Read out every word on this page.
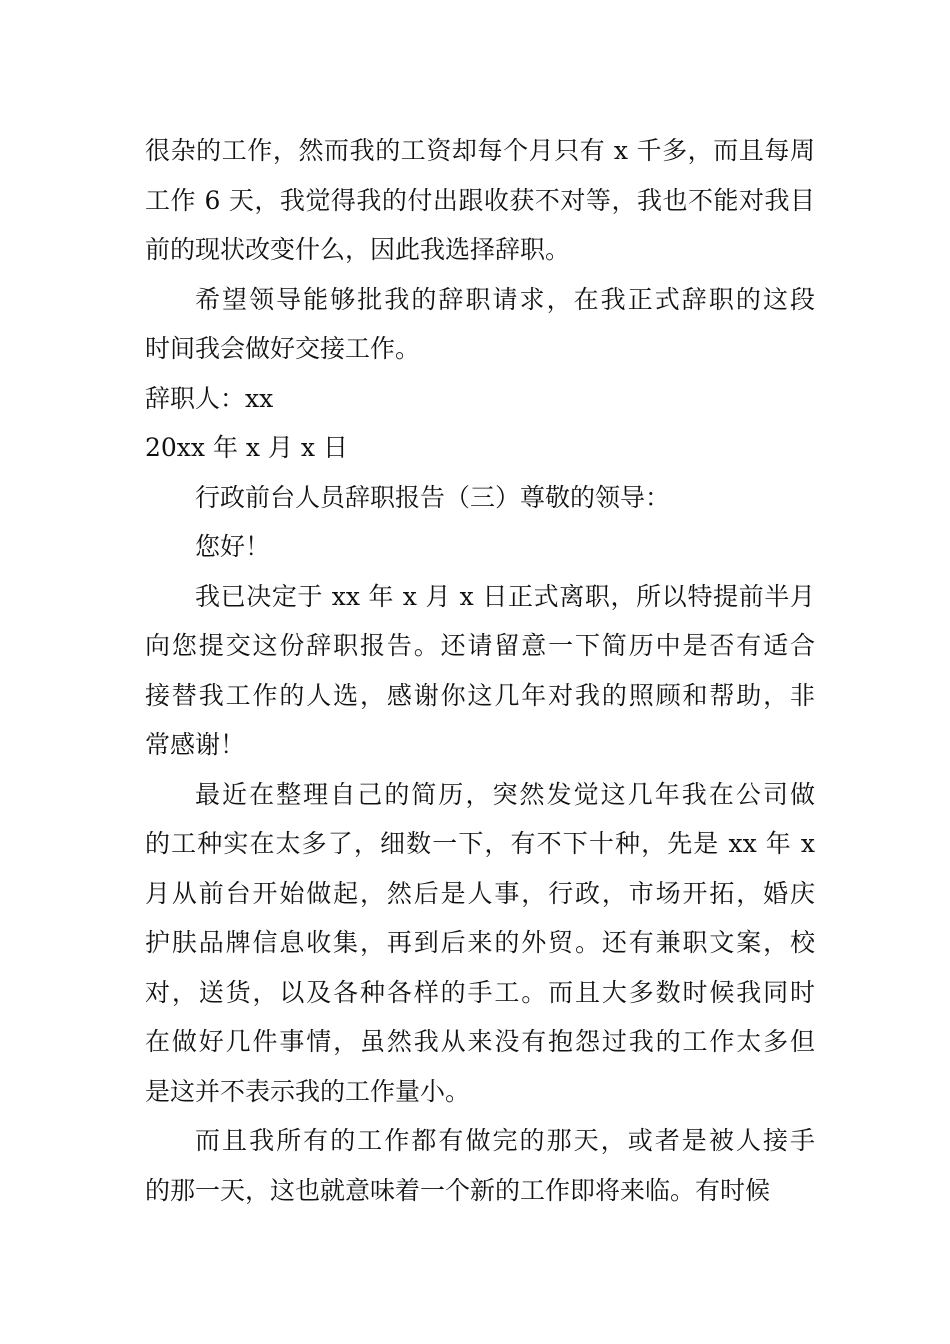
很杂的工作，然而我的工资却每个月只有 x 千多，而且每周
工作 6 天，我觉得我的付出跟收获不对等，我也不能对我目
前的现状改变什么，因此我选择辞职。
希望领导能够批我的辞职请求，在我正式辞职的这段
时间我会做好交接工作。
辞职人：xx
20xx 年 x 月 x 日
行政前台人员辞职报告（三）尊敬的领导：
您好！
我已决定于 xx 年 x 月 x 日正式离职，所以特提前半月
向您提交这份辞职报告。还请留意一下简历中是否有适合
接替我工作的人选，感谢你这几年对我的照顾和帮助，非
常感谢！
最近在整理自己的简历，突然发觉这几年我在公司做
的工种实在太多了，细数一下，有不下十种，先是 xx 年 x
月从前台开始做起，然后是人事，行政，市场开拓，婚庆
护肤品牌信息收集，再到后来的外贸。还有兼职文案，校
对，送货，以及各种各样的手工。而且大多数时候我同时
在做好几件事情，虽然我从来没有抱怨过我的工作太多但
是这并不表示我的工作量小。
而且我所有的工作都有做完的那天，或者是被人接手
的那一天，这也就意味着一个新的工作即将来临。有时候
